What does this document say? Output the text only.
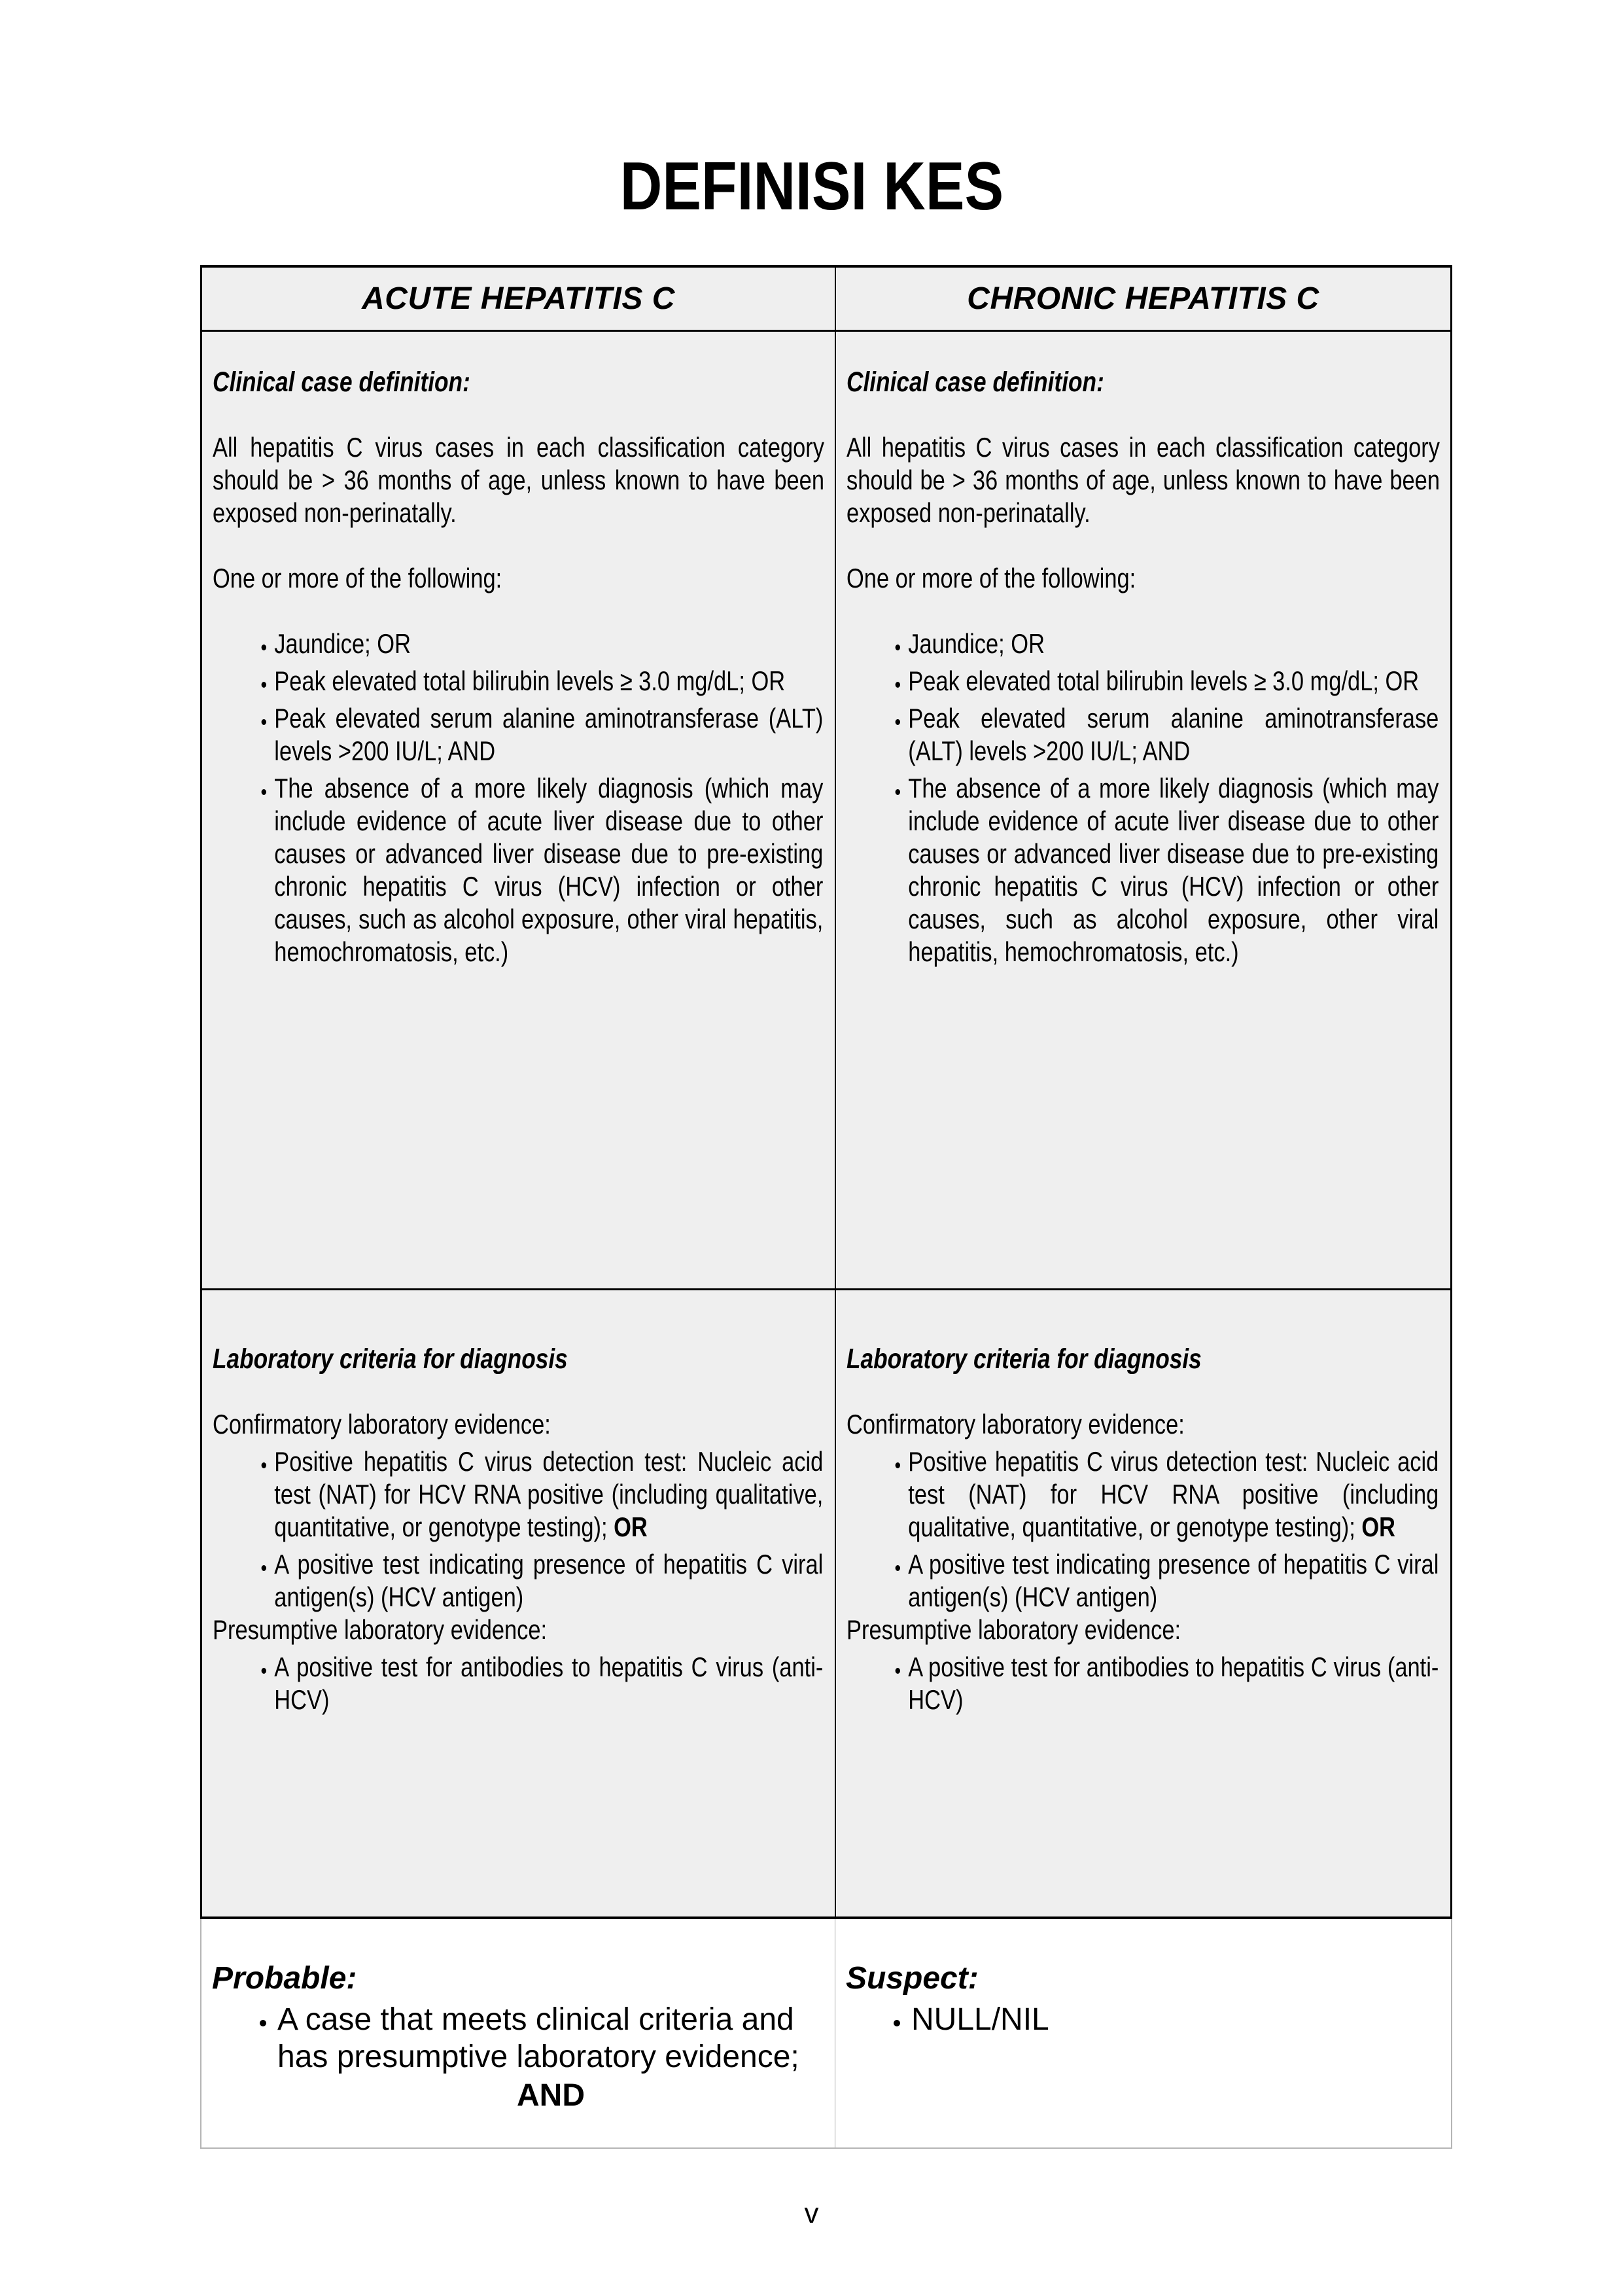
DEFINISI KES
ACUTE HEPATITIS C	CHRONIC HEPATITIS C
Clinical case definition:

All hepatitis C virus cases in each classification category should be > 36 months of age, unless known to have been exposed non-perinatally.

One or more of the following:

• Jaundice; OR
• Peak elevated total bilirubin levels ≥ 3.0 mg/dL; OR
• Peak elevated serum alanine aminotransferase (ALT) levels >200 IU/L; AND
• The absence of a more likely diagnosis (which may include evidence of acute liver disease due to other causes or advanced liver disease due to pre-existing chronic hepatitis C virus (HCV) infection or other causes, such as alcohol exposure, other viral hepatitis, hemochromatosis, etc.)
Clinical case definition:

All hepatitis C virus cases in each classification category should be > 36 months of age, unless known to have been exposed non-perinatally.

One or more of the following:

• Jaundice; OR
• Peak elevated total bilirubin levels ≥ 3.0 mg/dL; OR
• Peak elevated serum alanine aminotransferase (ALT) levels >200 IU/L; AND
• The absence of a more likely diagnosis (which may include evidence of acute liver disease due to other causes or advanced liver disease due to pre-existing chronic hepatitis C virus (HCV) infection or other causes, such as alcohol exposure, other viral hepatitis, hemochromatosis, etc.)
Laboratory criteria for diagnosis

Confirmatory laboratory evidence:

• Positive hepatitis C virus detection test: Nucleic acid test (NAT) for HCV RNA positive (including qualitative, quantitative, or genotype testing); OR
• A positive test indicating presence of hepatitis C viral antigen(s) (HCV antigen)

Presumptive laboratory evidence:

• A positive test for antibodies to hepatitis C virus (anti-HCV)
Laboratory criteria for diagnosis

Confirmatory laboratory evidence:

• Positive hepatitis C virus detection test: Nucleic acid test (NAT) for HCV RNA positive (including qualitative, quantitative, or genotype testing); OR
• A positive test indicating presence of hepatitis C viral antigen(s) (HCV antigen)

Presumptive laboratory evidence:

• A positive test for antibodies to hepatitis C virus (anti-HCV)
Probable:
• A case that meets clinical criteria and has presumptive laboratory evidence;
AND
Suspect:
• NULL/NIL
v
